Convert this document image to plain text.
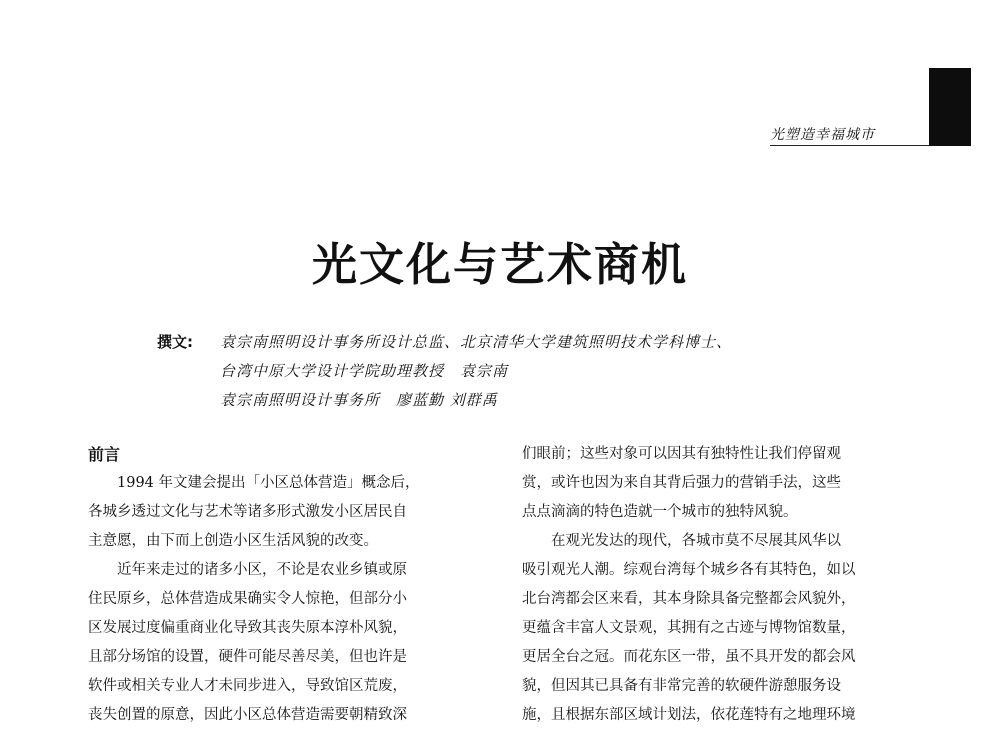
光塑造幸福城市
光文化与艺术商机
撰文: 袁宗南照明设计事务所设计总监、北京清华大学建筑照明技术学科博士、
台湾中原大学设计学院助理教授　袁宗南
袁宗南照明设计事务所　廖蓝勤 刘群禹

前言

　　1994 年文建会提出「小区总体营造」概念后，

各城乡透过文化与艺术等诸多形式激发小区居民自

主意愿，由下而上创造小区生活风貌的改变。

　　近年来走过的诸多小区，不论是农业乡镇或原

住民原乡，总体营造成果确实令人惊艳，但部分小

区发展过度偏重商业化导致其丧失原本淳朴风貌，

且部分场馆的设置，硬件可能尽善尽美，但也许是

软件或相关专业人才未同步进入，导致馆区荒废，

丧失创置的原意，因此小区总体营造需要朝精致深

们眼前；这些对象可以因其有独特性让我们停留观

赏，或许也因为来自其背后强力的营销手法，这些

点点滴滴的特色造就一个城市的独特风貌。

　　在观光发达的现代，各城市莫不尽展其风华以

吸引观光人潮。综观台湾每个城乡各有其特色，如以

北台湾都会区来看，其本身除具备完整都会风貌外，

更蕴含丰富人文景观，其拥有之古迹与博物馆数量，

更居全台之冠。而花东区一带，虽不具开发的都会风

貌，但因其已具备有非常完善的软硬件游憩服务设

施，且根据东部区域计划法，依花莲特有之地理环境
